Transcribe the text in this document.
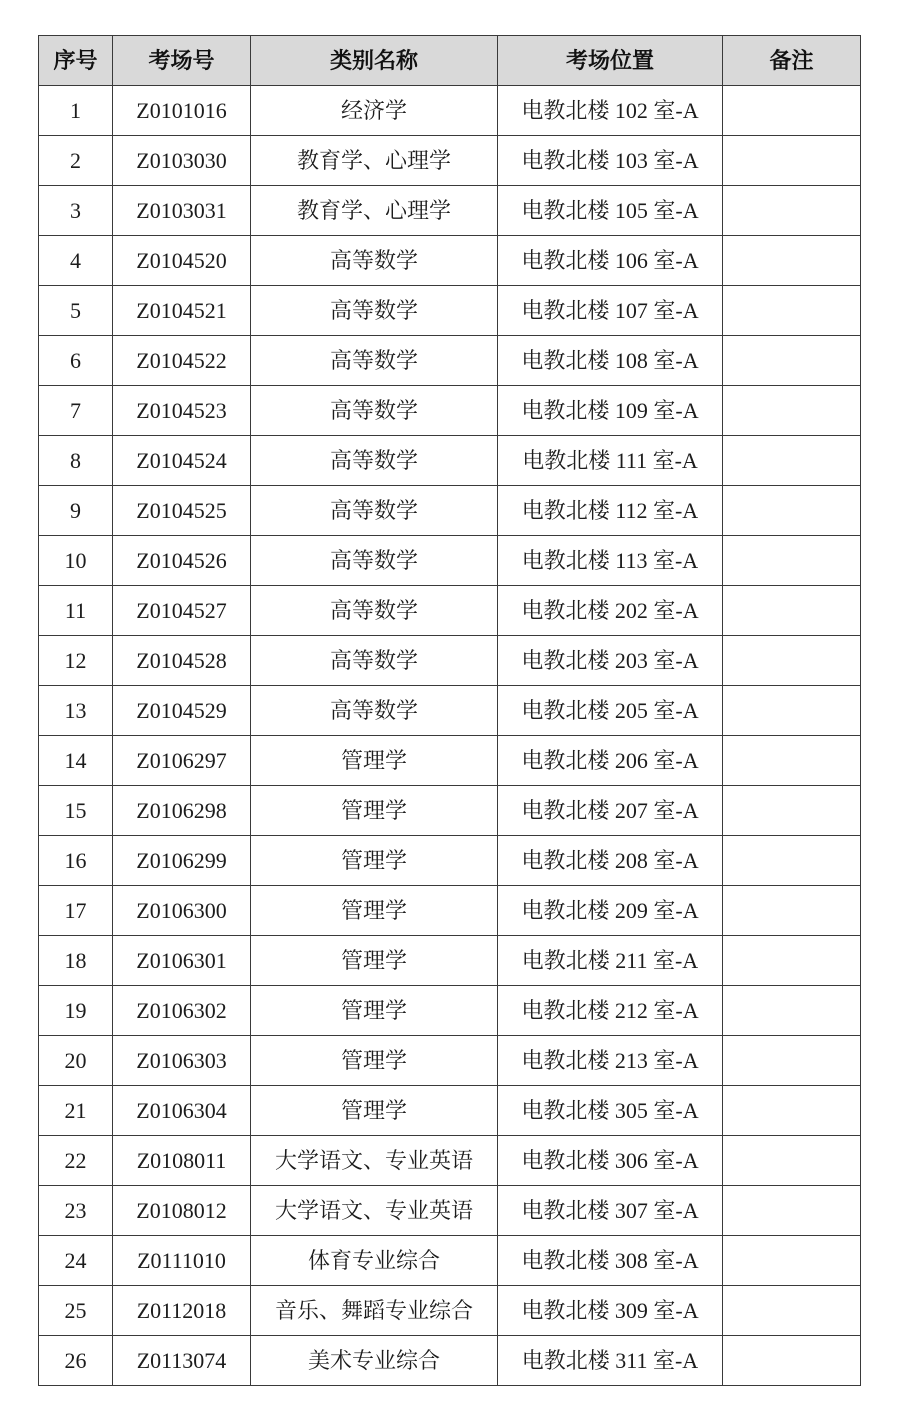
序号	考场号	类别名称	考场位置	备注
1	Z0101016	经济学	电教北楼 102 室-A	
2	Z0103030	教育学、心理学	电教北楼 103 室-A	
3	Z0103031	教育学、心理学	电教北楼 105 室-A	
4	Z0104520	高等数学	电教北楼 106 室-A	
5	Z0104521	高等数学	电教北楼 107 室-A	
6	Z0104522	高等数学	电教北楼 108 室-A	
7	Z0104523	高等数学	电教北楼 109 室-A	
8	Z0104524	高等数学	电教北楼 111 室-A	
9	Z0104525	高等数学	电教北楼 112 室-A	
10	Z0104526	高等数学	电教北楼 113 室-A	
11	Z0104527	高等数学	电教北楼 202 室-A	
12	Z0104528	高等数学	电教北楼 203 室-A	
13	Z0104529	高等数学	电教北楼 205 室-A	
14	Z0106297	管理学	电教北楼 206 室-A	
15	Z0106298	管理学	电教北楼 207 室-A	
16	Z0106299	管理学	电教北楼 208 室-A	
17	Z0106300	管理学	电教北楼 209 室-A	
18	Z0106301	管理学	电教北楼 211 室-A	
19	Z0106302	管理学	电教北楼 212 室-A	
20	Z0106303	管理学	电教北楼 213 室-A	
21	Z0106304	管理学	电教北楼 305 室-A	
22	Z0108011	大学语文、专业英语	电教北楼 306 室-A	
23	Z0108012	大学语文、专业英语	电教北楼 307 室-A	
24	Z0111010	体育专业综合	电教北楼 308 室-A	
25	Z0112018	音乐、舞蹈专业综合	电教北楼 309 室-A	
26	Z0113074	美术专业综合	电教北楼 311 室-A	
